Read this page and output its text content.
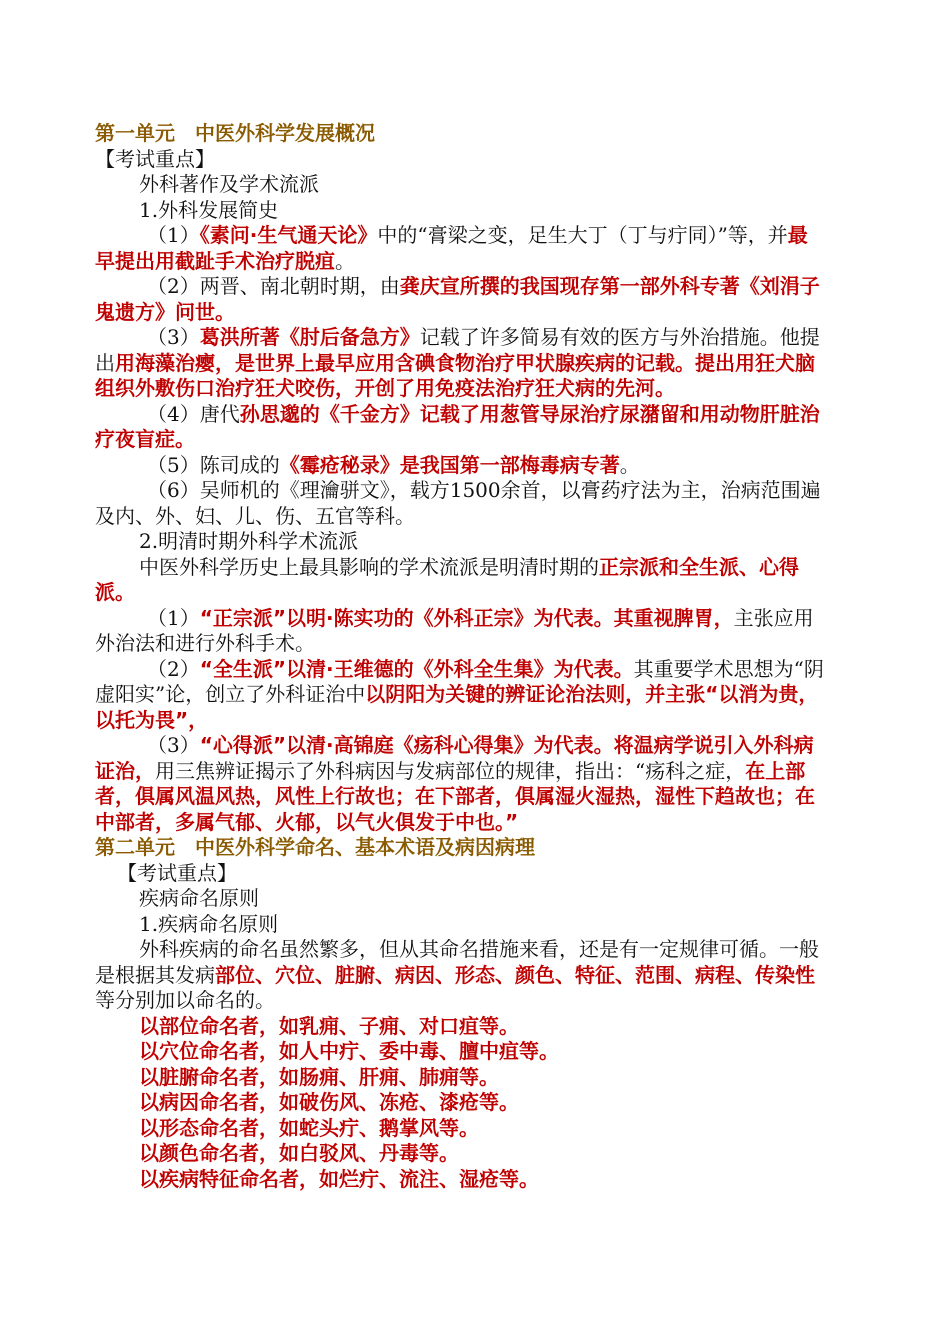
第一单元　中医外科学发展概况

【考试重点】

外科著作及学术流派

1.外科发展简史

（1）《素问·生气通天论》中的“膏梁之变，足生大丁（丁与疔同）”等，并最早提出用截趾手术治疗脱疽。

（2）两晋、南北朝时期，由龚庆宣所撰的我国现存第一部外科专著《刘涓子鬼遗方》问世。

（3）葛洪所著《肘后备急方》记载了许多简易有效的医方与外治措施。他提出用海藻治瘿，是世界上最早应用含碘食物治疗甲状腺疾病的记载。提出用狂犬脑组织外敷伤口治疗狂犬咬伤，开创了用免疫法治疗狂犬病的先河。

（4）唐代孙思邈的《千金方》记载了用葱管导尿治疗尿潴留和用动物肝脏治疗夜盲症。

（5）陈司成的《霉疮秘录》是我国第一部梅毒病专著。

（6）吴师机的《理瀹骈文》，载方1500余首，以膏药疗法为主，治病范围遍及内、外、妇、儿、伤、五官等科。

2.明清时期外科学术流派

中医外科学历史上最具影响的学术流派是明清时期的正宗派和全生派、心得派。

（1）“正宗派”以明·陈实功的《外科正宗》为代表。其重视脾胃，主张应用外治法和进行外科手术。

（2）“全生派”以清·王维德的《外科全生集》为代表。其重要学术思想为“阴虚阳实”论，创立了外科证治中以阴阳为关键的辨证论治法则，并主张“以消为贵，以托为畏”，

（3）“心得派”以清·高锦庭《疡科心得集》为代表。将温病学说引入外科病证治，用三焦辨证揭示了外科病因与发病部位的规律，指出：“疡科之症，在上部者，俱属风温风热，风性上行故也；在下部者，俱属湿火湿热，湿性下趋故也；在中部者，多属气郁、火郁，以气火俱发于中也。”

第二单元　中医外科学命名、基本术语及病因病理

【考试重点】

疾病命名原则

1.疾病命名原则

外科疾病的命名虽然繁多，但从其命名措施来看，还是有一定规律可循。一般是根据其发病部位、穴位、脏腑、病因、形态、颜色、特征、范围、病程、传染性等分别加以命名的。

以部位命名者，如乳痈、子痈、对口疽等。

以穴位命名者，如人中疔、委中毒、膻中疽等。

以脏腑命名者，如肠痈、肝痈、肺痈等。

以病因命名者，如破伤风、冻疮、漆疮等。

以形态命名者，如蛇头疔、鹅掌风等。

以颜色命名者，如白驳风、丹毒等。

以疾病特征命名者，如烂疔、流注、湿疮等。
